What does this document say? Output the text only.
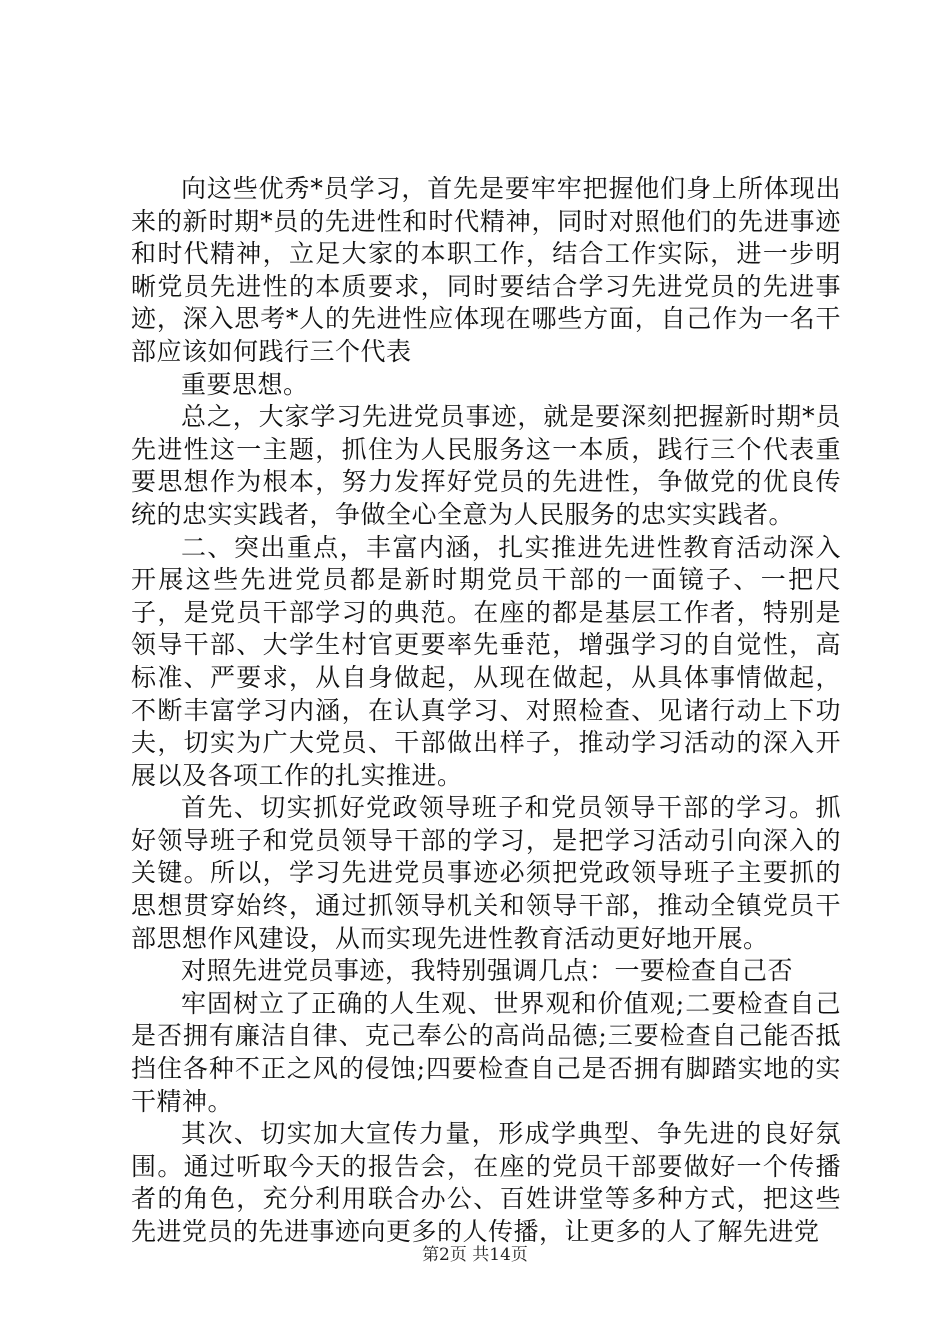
向这些优秀*员学习，首先是要牢牢把握他们身上所体现出来的新时期*员的先进性和时代精神，同时对照他们的先进事迹和时代精神，立足大家的本职工作，结合工作实际，进一步明晰党员先进性的本质要求，同时要结合学习先进党员的先进事迹，深入思考*人的先进性应体现在哪些方面，自己作为一名干部应该如何践行三个代表

重要思想。

总之，大家学习先进党员事迹，就是要深刻把握新时期*员先进性这一主题，抓住为人民服务这一本质，践行三个代表重要思想作为根本，努力发挥好党员的先进性，争做党的优良传统的忠实实践者，争做全心全意为人民服务的忠实实践者。

二、突出重点，丰富内涵，扎实推进先进性教育活动深入开展这些先进党员都是新时期党员干部的一面镜子、一把尺子，是党员干部学习的典范。在座的都是基层工作者，特别是领导干部、大学生村官更要率先垂范，增强学习的自觉性，高标准、严要求，从自身做起，从现在做起，从具体事情做起，不断丰富学习内涵，在认真学习、对照检查、见诸行动上下功夫，切实为广大党员、干部做出样子，推动学习活动的深入开展以及各项工作的扎实推进。

首先、切实抓好党政领导班子和党员领导干部的学习。抓好领导班子和党员领导干部的学习，是把学习活动引向深入的关键。所以，学习先进党员事迹必须把党政领导班子主要抓的思想贯穿始终，通过抓领导机关和领导干部，推动全镇党员干部思想作风建设，从而实现先进性教育活动更好地开展。

对照先进党员事迹，我特别强调几点：一要检查自己否

牢固树立了正确的人生观、世界观和价值观;二要检查自己是否拥有廉洁自律、克己奉公的高尚品德;三要检查自己能否抵挡住各种不正之风的侵蚀;四要检查自己是否拥有脚踏实地的实干精神。

其次、切实加大宣传力量，形成学典型、争先进的良好氛围。通过听取今天的报告会，在座的党员干部要做好一个传播者的角色，充分利用联合办公、百姓讲堂等多种方式，把这些先进党员的先进事迹向更多的人传播，让更多的人了解先进党

第2页 共14页
